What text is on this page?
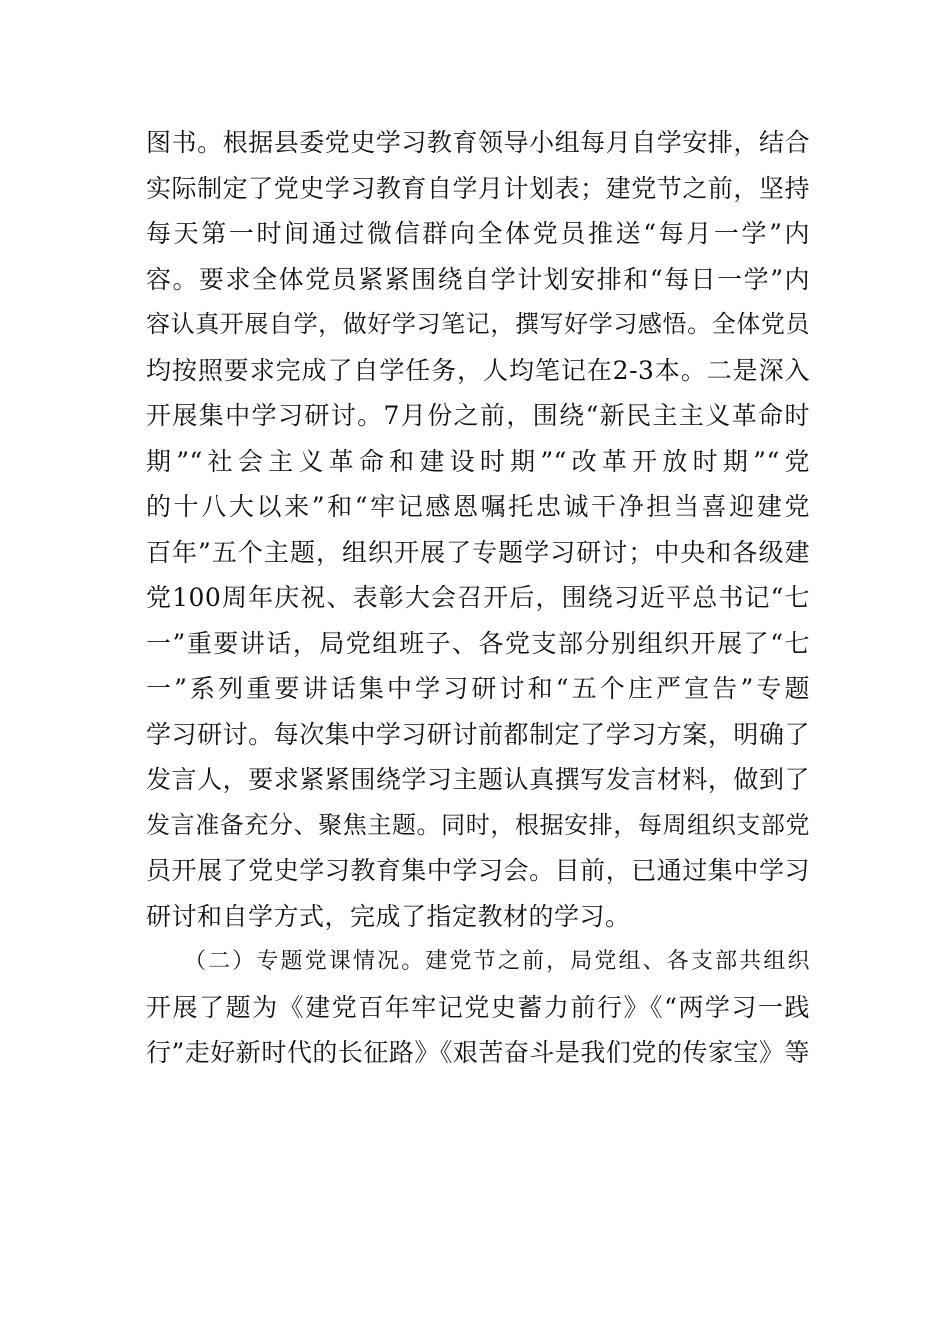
图书。根据县委党史学习教育领导小组每月自学安排，结合
实际制定了党史学习教育自学月计划表；建党节之前，坚持
每天第一时间通过微信群向全体党员推送“每月一学”内
容。要求全体党员紧紧围绕自学计划安排和“每日一学”内
容认真开展自学，做好学习笔记，撰写好学习感悟。全体党员
均按照要求完成了自学任务，人均笔记在2-3本。二是深入
开展集中学习研讨。7月份之前，围绕“新民主主义革命时
期”“社会主义革命和建设时期”“改革开放时期”“党
的十八大以来”和“牢记感恩嘱托忠诚干净担当喜迎建党
百年”五个主题，组织开展了专题学习研讨；中央和各级建
党100周年庆祝、表彰大会召开后，围绕习近平总书记“七
一”重要讲话，局党组班子、各党支部分别组织开展了“七
一”系列重要讲话集中学习研讨和“五个庄严宣告”专题
学习研讨。每次集中学习研讨前都制定了学习方案，明确了
发言人，要求紧紧围绕学习主题认真撰写发言材料，做到了
发言准备充分、聚焦主题。同时，根据安排，每周组织支部党
员开展了党史学习教育集中学习会。目前，已通过集中学习
研讨和自学方式，完成了指定教材的学习。
（二）专题党课情况。建党节之前，局党组、各支部共组织
开展了题为《建党百年牢记党史蓄力前行》《“两学习一践
行”走好新时代的长征路》《艰苦奋斗是我们党的传家宝》等
